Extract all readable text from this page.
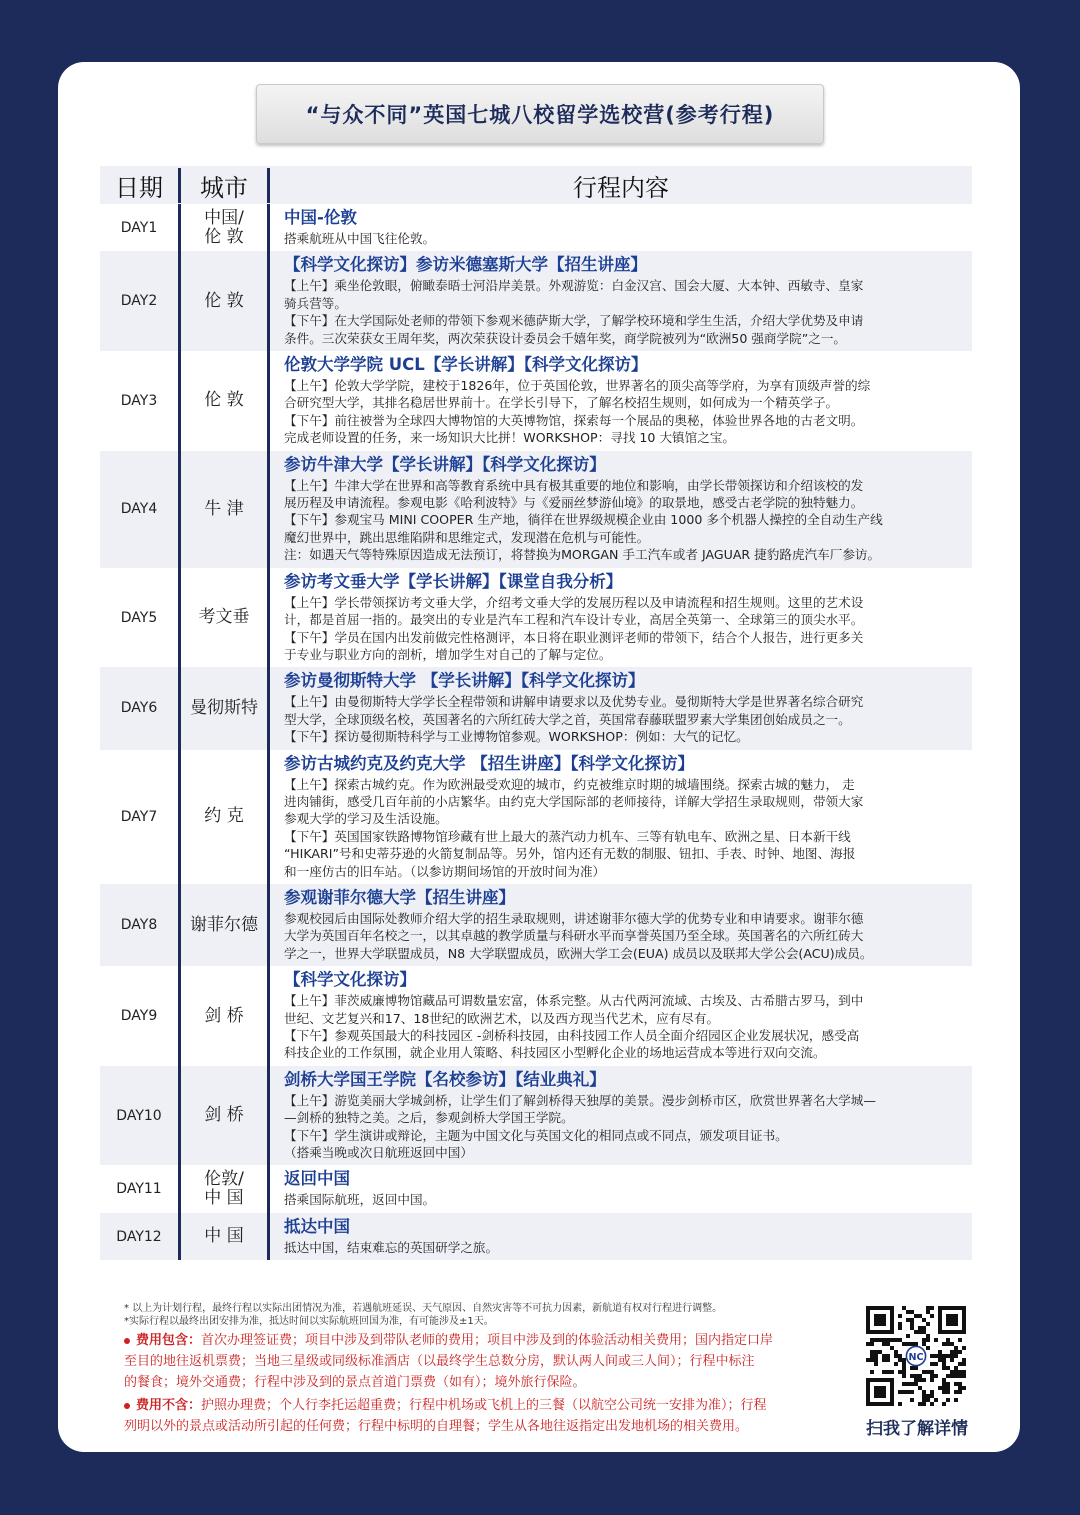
“与众不同”英国七城八校留学选校营(参考行程)
日期	城市	行程内容
DAY1	中国/
伦 敦
中国-伦敦
搭乘航班从中国飞往伦敦。
DAY2	伦 敦
【科学文化探访】参访米德塞斯大学【招生讲座】
【上午】乘坐伦敦眼，俯瞰泰晤士河沿岸美景。外观游览：白金汉宫、国会大厦、大本钟、西敏寺、皇家
骑兵营等。
【下午】在大学国际处老师的带领下参观米德萨斯大学，了解学校环境和学生生活，介绍大学优势及申请
条件。三次荣获女王周年奖，两次荣获设计委员会千嬉年奖，商学院被列为“欧洲50 强商学院”之一。
DAY3	伦 敦
伦敦大学学院 UCL【学长讲解】【科学文化探访】
【上午】伦敦大学学院，建校于1826年，位于英国伦敦，世界著名的顶尖高等学府，为享有顶级声誉的综
合研究型大学，其排名稳居世界前十。在学长引导下，了解名校招生规则，如何成为一个精英学子。
【下午】前往被誉为全球四大博物馆的大英博物馆，探索每一个展品的奥秘，体验世界各地的古老文明。
完成老师设置的任务，来一场知识大比拼！WORKSHOP：寻找 10 大镇馆之宝。
DAY4	牛 津
参访牛津大学【学长讲解】【科学文化探访】
【上午】牛津大学在世界和高等教育系统中具有极其重要的地位和影响，由学长带领探访和介绍该校的发
展历程及申请流程。参观电影《哈利波特》与《爱丽丝梦游仙境》的取景地，感受古老学院的独特魅力。
【下午】参观宝马 MINI COOPER 生产地，徜徉在世界级规模企业由 1000 多个机器人操控的全自动生产线
魔幻世界中，跳出思维陷阱和思维定式，发现潜在危机与可能性。
注：如遇天气等特殊原因造成无法预订，将替换为MORGAN 手工汽车或者 JAGUAR 捷豹路虎汽车厂参访。
DAY5	考文垂
参访考文垂大学【学长讲解】【课堂自我分析】
【上午】学长带领探访考文垂大学，介绍考文垂大学的发展历程以及申请流程和招生规则。这里的艺术设
计，都是首屈一指的。最突出的专业是汽车工程和汽车设计专业，高居全英第一、全球第三的顶尖水平。
【下午】学员在国内出发前做完性格测评，本日将在职业测评老师的带领下，结合个人报告，进行更多关
于专业与职业方向的剖析，增加学生对自己的了解与定位。
DAY6	曼彻斯特
参访曼彻斯特大学 【学长讲解】【科学文化探访】
【上午】由曼彻斯特大学学长全程带领和讲解申请要求以及优势专业。曼彻斯特大学是世界著名综合研究
型大学，全球顶级名校，英国著名的六所红砖大学之首，英国常春藤联盟罗素大学集团创始成员之一。
【下午】探访曼彻斯特科学与工业博物馆参观。WORKSHOP：例如：大气的记忆。
DAY7	约 克
参访古城约克及约克大学 【招生讲座】【科学文化探访】
【上午】探索古城约克。作为欧洲最受欢迎的城市，约克被维京时期的城墙围绕。探索古城的魅力， 走
进肉铺街，感受几百年前的小店繁华。由约克大学国际部的老师接待，详解大学招生录取规则，带领大家
参观大学的学习及生活设施。
【下午】英国国家铁路博物馆珍藏有世上最大的蒸汽动力机车、三等有轨电车、欧洲之星、日本新干线
“HIKARI”号和史蒂芬逊的火箭复制品等。另外，馆内还有无数的制服、钮扣、手表、时钟、地图、海报
和一座仿古的旧车站。（以参访期间场馆的开放时间为准）
DAY8	谢菲尔德
参观谢菲尔德大学【招生讲座】
参观校园后由国际处教师介绍大学的招生录取规则，讲述谢菲尔德大学的优势专业和申请要求。谢菲尔德
大学为英国百年名校之一，以其卓越的教学质量与科研水平而享誉英国乃至全球。英国著名的六所红砖大
学之一，世界大学联盟成员，N8 大学联盟成员，欧洲大学工会(EUA) 成员以及联邦大学公会(ACU)成员。
DAY9	剑 桥
【科学文化探访】
【上午】菲茨威廉博物馆藏品可谓数量宏富，体系完整。从古代两河流域、古埃及、古希腊古罗马，到中
世纪、文艺复兴和17、18世纪的欧洲艺术，以及西方现当代艺术，应有尽有。
【下午】参观英国最大的科技园区 -剑桥科技园，由科技园工作人员全面介绍园区企业发展状况，感受高
科技企业的工作氛围，就企业用人策略、科技园区小型孵化企业的场地运营成本等进行双向交流。
DAY10	剑 桥
剑桥大学国王学院【名校参访】【结业典礼】
【上午】游览美丽大学城剑桥，让学生们了解剑桥得天独厚的美景。漫步剑桥市区，欣赏世界著名大学城—
—剑桥的独特之美。之后，参观剑桥大学国王学院。
【下午】学生演讲或辩论，主题为中国文化与英国文化的相同点或不同点，颁发项目证书。
（搭乘当晚或次日航班返回中国）
DAY11	伦敦/
中 国
返回中国
搭乘国际航班，返回中国。
DAY12	中 国	抵达中国
抵达中国，结束难忘的英国研学之旅。
* 以上为计划行程，最终行程以实际出团情况为准，若遇航班延误、天气原因、自然灾害等不可抗力因素，新航道有权对行程进行调整。
*实际行程以最终出团安排为准，抵达时间以实际航班回国为准，有可能涉及±1天。
费用包含：首次办理签证费；项目中涉及到带队老师的费用；项目中涉及到的体验活动相关费用；国内指定口岸
至目的地往返机票费；当地三星级或同级标准酒店（以最终学生总数分房，默认两人间或三人间）；行程中标注
的餐食；境外交通费；行程中涉及到的景点首道门票费（如有）；境外旅行保险。
费用不含：护照办理费；个人行李托运超重费；行程中机场或飞机上的三餐（以航空公司统一安排为准）；行程
列明以外的景点或活动所引起的任何费；行程中标明的自理餐；学生从各地往返指定出发地机场的相关费用。
NC
扫我了解详情
